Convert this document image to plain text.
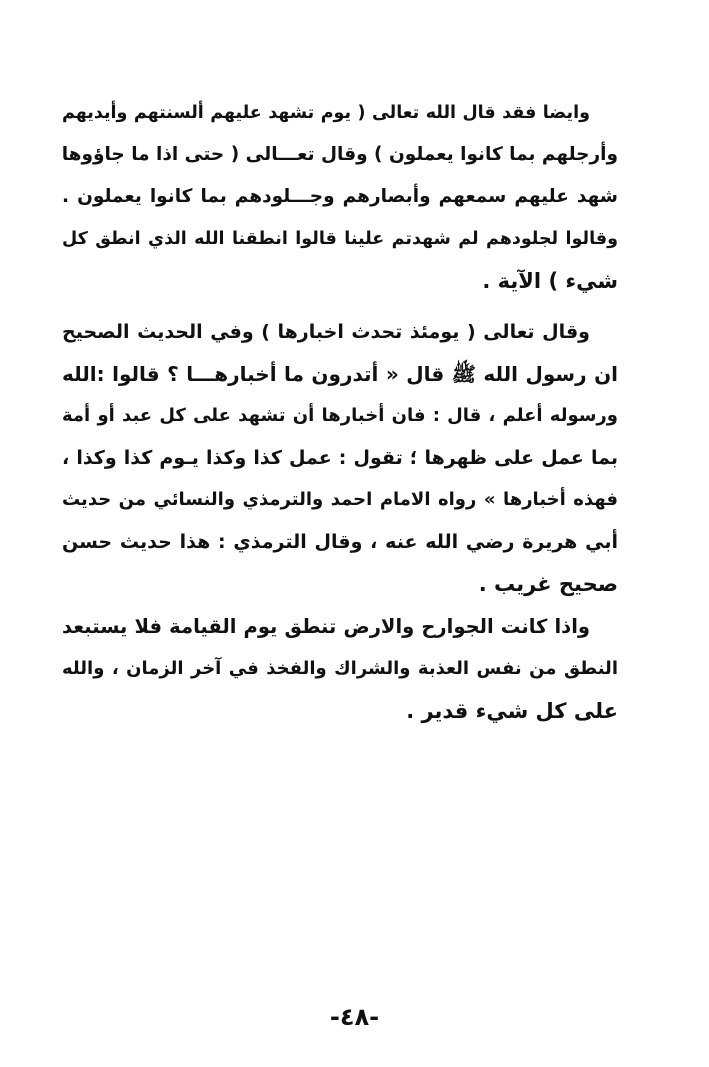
وايضا فقد قال الله تعالى ( يوم تشهد عليهم ألسنتهم وأيديهم
وأرجلهم بما كانوا يعملون ) وقال تعـــالى ( حتى اذا ما جاؤوها
شهد عليهم سمعهم وأبصارهم وجـــلودهم بما كانوا يعملون .
وقالوا لجلودهم لم شهدتم علينا قالوا انطقنا الله الذي انطق كل
شيء ) الآية .
وقال تعالى ( يومئذ تحدث اخبارها ) وفي الحديث الصحيح
ان رسول الله ﷺ قال « أتدرون ما أخبارهـــا ؟ قالوا :الله
ورسوله أعلم ، قال : فان أخبارها أن تشهد على كل عبد أو أمة
بما عمل على ظهرها ؛ تقول : عمل كذا وكذا يـوم كذا وكذا ،
فهذه أخبارها » رواه الامام احمد والترمذي والنسائي من حديث
أبي هريرة رضي الله عنه ، وقال الترمذي : هذا حديث حسن
صحيح غريب .
واذا كانت الجوارح والارض تنطق يوم القيامة فلا يستبعد
النطق من نفس العذبة والشراك والفخذ في آخر الزمان ، والله
على كل شيء قدير .
-٤٨-
